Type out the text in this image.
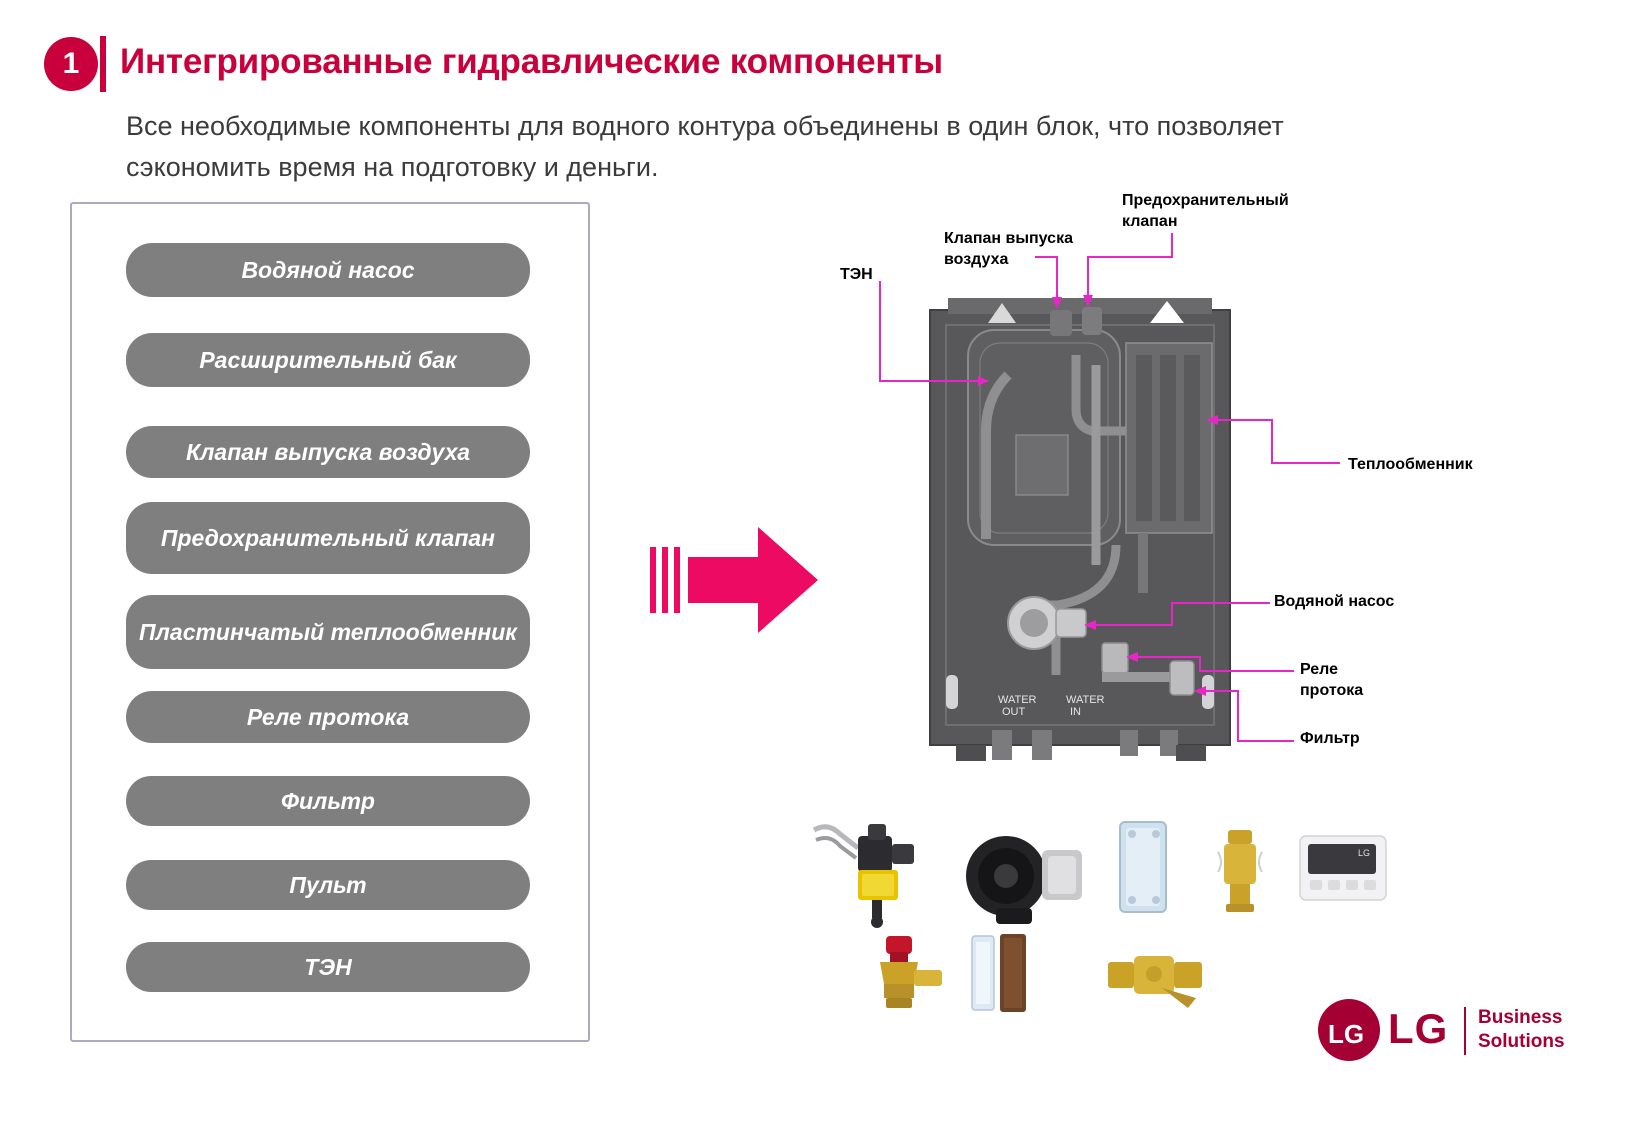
1	Интегрированные гидравлические компоненты
Все необходимые компоненты для водного контура объединены в один блок, что позволяет сэкономить время на подготовку и деньги.
Водяной насос
Расширительный бак
Клапан выпуска воздуха
Предохранительный клапан
Пластинчатый теплообменник
Реле протока
Фильтр
Пульт
ТЭН
WATER
OUT
WATER
IN
ТЭН
Клапан выпуска воздуха
Предохранительный клапан
Теплообменник
Водяной насос
Реле протока
Фильтр
LG
LG LG Business
Solutions
